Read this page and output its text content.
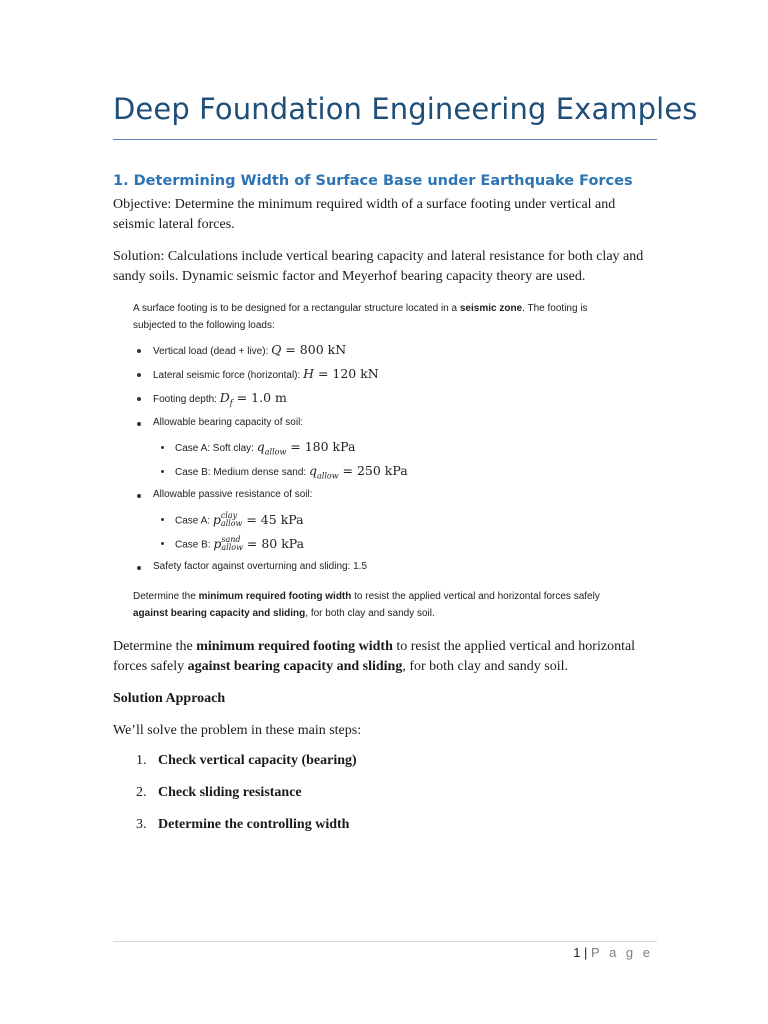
Deep Foundation Engineering Examples
1. Determining Width of Surface Base under Earthquake Forces
Objective: Determine the minimum required width of a surface footing under vertical and seismic lateral forces.
Solution: Calculations include vertical bearing capacity and lateral resistance for both clay and sandy soils. Dynamic seismic factor and Meyerhof bearing capacity theory are used.
A surface footing is to be designed for a rectangular structure located in a seismic zone. The footing is subjected to the following loads:
Vertical load (dead + live): Q = 800 kN
Lateral seismic force (horizontal): H = 120 kN
Footing depth: $D_f = 1.0$ m
Allowable bearing capacity of soil:
Case A: Soft clay: $q_{allow} = 180$ kPa
Case B: Medium dense sand: $q_{allow} = 250$ kPa
Allowable passive resistance of soil:
Case A: pclay
allow = 45 kPa
Case B: psand
allow = 80 kPa
Safety factor against overturning and sliding: 1.5
Determine the minimum required footing width to resist the applied vertical and horizontal forces safely against bearing capacity and sliding, for both clay and sandy soil.
Determine the minimum required footing width to resist the applied vertical and horizontal forces safely against bearing capacity and sliding, for both clay and sandy soil.
Solution Approach
We’ll solve the problem in these main steps:
1. Check vertical capacity (bearing)
2. Check sliding resistance
3. Determine the controlling width
1 | P a g e
